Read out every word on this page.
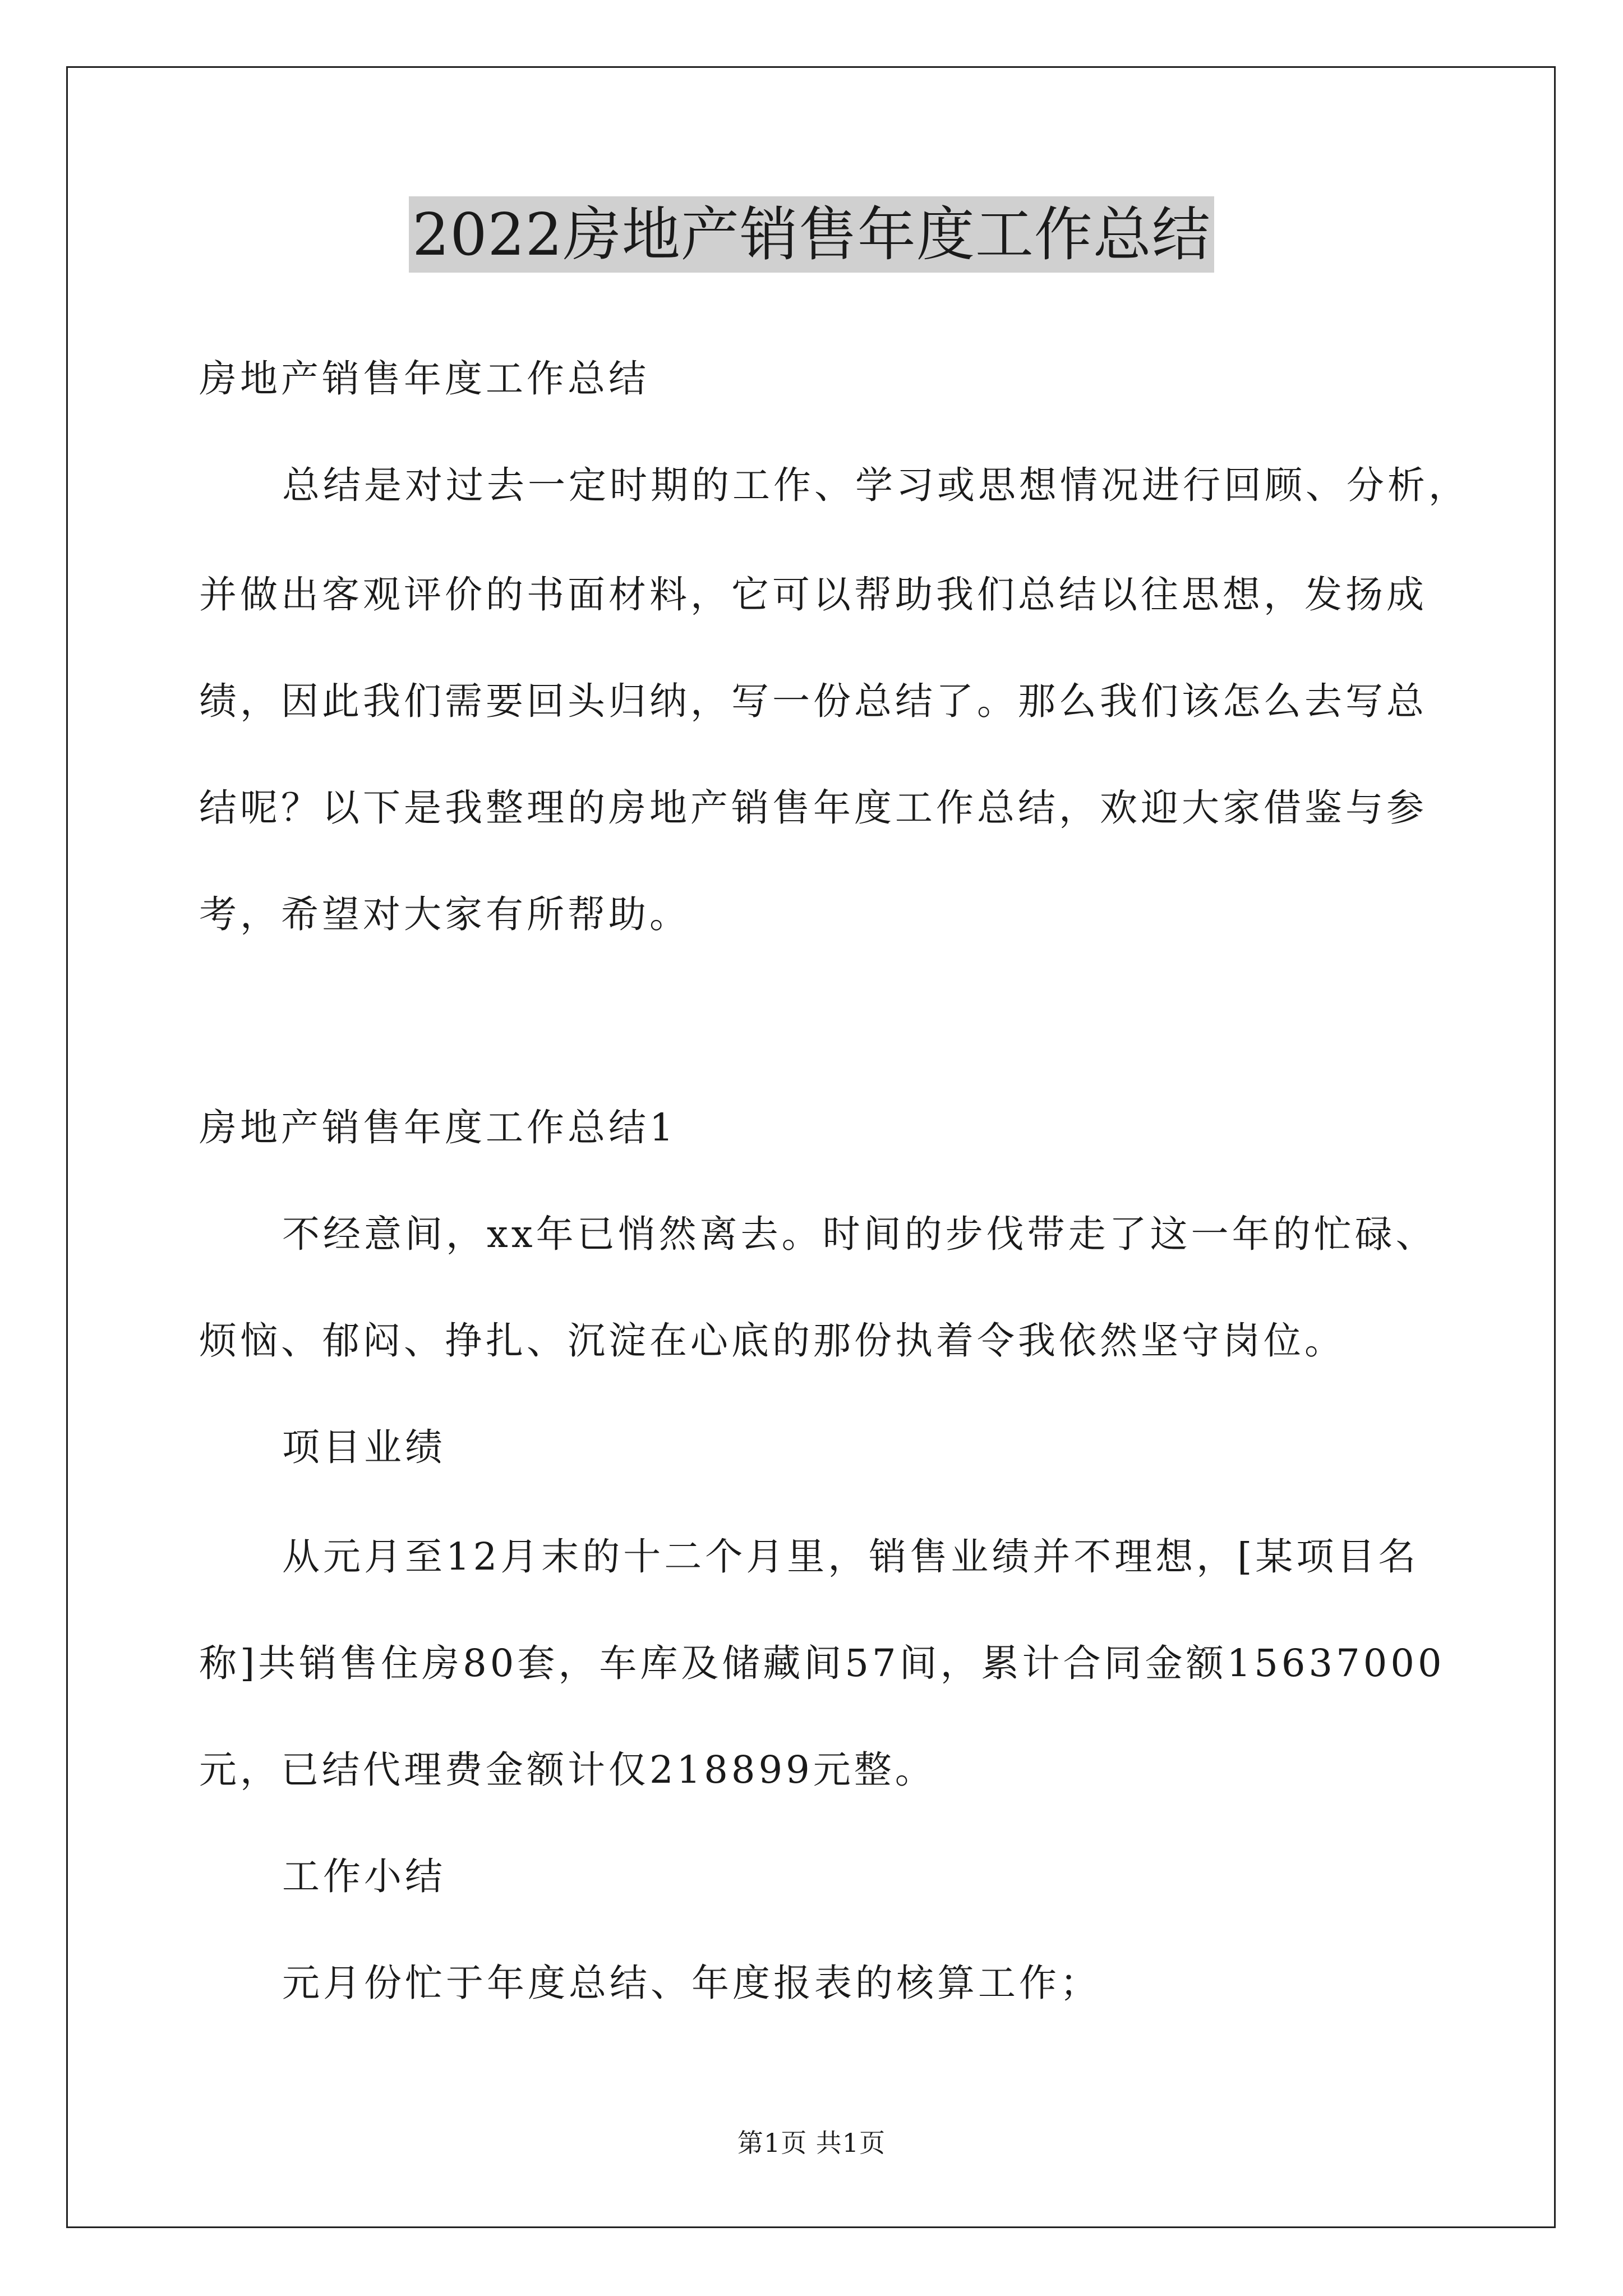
2022房地产销售年度工作总结
房地产销售年度工作总结
总结是对过去一定时期的工作、学习或思想情况进行回顾、分析，
并做出客观评价的书面材料，它可以帮助我们总结以往思想，发扬成
绩，因此我们需要回头归纳，写一份总结了。那么我们该怎么去写总
结呢？以下是我整理的房地产销售年度工作总结，欢迎大家借鉴与参
考，希望对大家有所帮助。
房地产销售年度工作总结1
不经意间，xx年已悄然离去。时间的步伐带走了这一年的忙碌、
烦恼、郁闷、挣扎、沉淀在心底的那份执着令我依然坚守岗位。
项目业绩
从元月至12月末的十二个月里，销售业绩并不理想，[某项目名
称]共销售住房80套，车库及储藏间57间，累计合同金额15637000
元，已结代理费金额计仅218899元整。
工作小结
元月份忙于年度总结、年度报表的核算工作；
第1页 共1页
